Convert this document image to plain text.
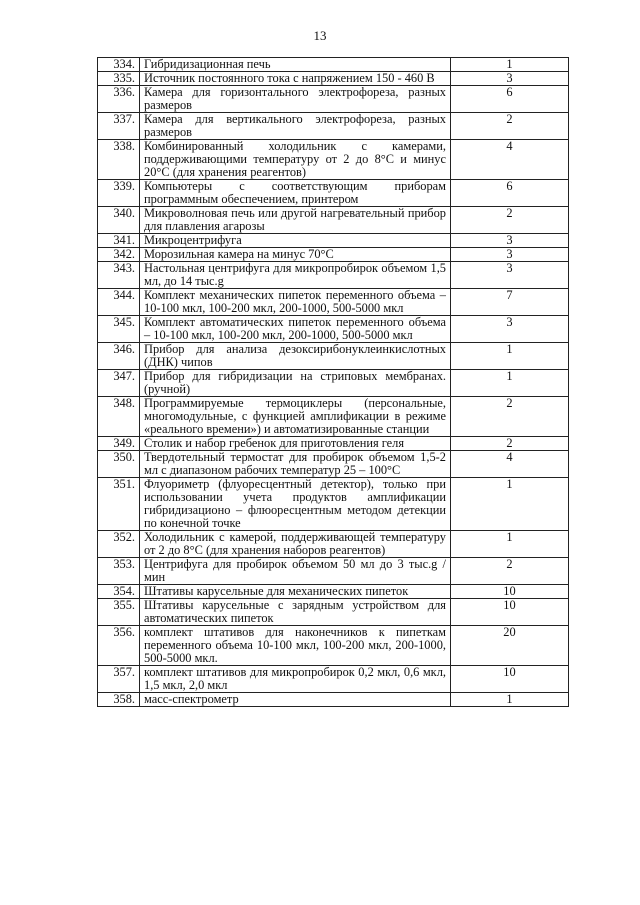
13
334.	Гибридизационная печь	1
335.	Источник постоянного тока с напряжением 150 - 460 В	3
336.	Камера для горизонтального электрофореза, разных размеров	6
337.	Камера для вертикального электрофореза, разных размеров	2
338.	Комбинированный холодильник с камерами, поддерживающими температуру от 2 до 8°С и минус 20°С (для хранения реагентов)	4
339.	Компьютеры с соответствующим приборам программным обеспечением, принтером	6
340.	Микроволновая печь или другой нагревательный прибор для плавления агарозы	2
341.	Микроцентрифуга	3
342.	Морозильная камера на минус 70°С	3
343.	Настольная центрифуга для микропробирок объемом 1,5 мл, до 14 тыс.g	3
344.	Комплект механических пипеток переменного объема – 10-100 мкл, 100-200 мкл, 200-1000, 500-5000 мкл	7
345.	Комплект автоматических пипеток переменного объема – 10-100 мкл, 100-200 мкл, 200-1000, 500-5000 мкл	3
346.	Прибор для анализа дезоксирибонуклеинкислотных (ДНК) чипов	1
347.	Прибор для гибридизации на стриповых мембранах. (ручной)	1
348.	Программируемые термоциклеры (персональные, многомодульные, с функцией амплификации в режиме «реального времени») и автоматизированные станции	2
349.	Столик и набор гребенок для приготовления геля	2
350.	Твердотельный термостат для пробирок объемом 1,5-2 мл с диапазоном рабочих температур 25 – 100°С	4
351.	Флуориметр (флуоресцентный детектор), только при использовании учета продуктов амплификации гибридизационо – флюоресцентным методом детекции по конечной точке	1
352.	Холодильник с камерой, поддерживающей температуру от 2 до 8°С (для хранения наборов реагентов)	1
353.	Центрифуга для пробирок объемом 50 мл до 3 тыс.g /мин	2
354.	Штативы карусельные для механических пипеток	10
355.	Штативы карусельные с зарядным устройством для автоматических пипеток	10
356.	комплект штативов для наконечников к пипеткам переменного объема 10-100 мкл, 100-200 мкл, 200-1000, 500-5000 мкл.	20
357.	комплект штативов для микропробирок 0,2 мкл, 0,6 мкл, 1,5 мкл, 2,0 мкл	10
358.	масс-спектрометр	1
